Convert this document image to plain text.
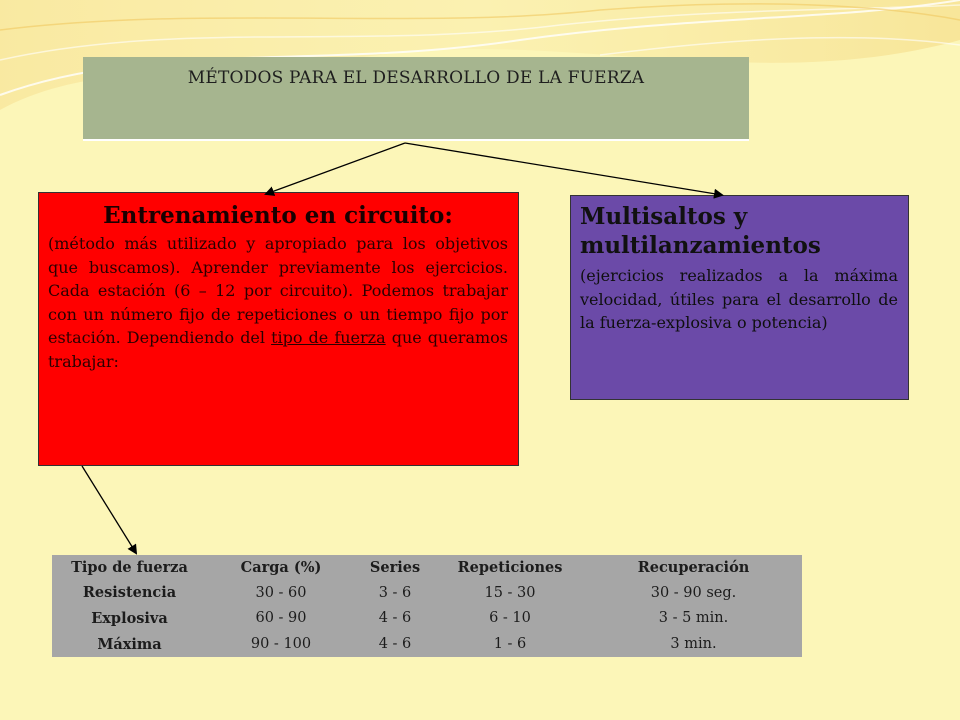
MÉTODOS PARA EL DESARROLLO DE LA FUERZA
Entrenamiento en circuito:
(método más utilizado y apropiado para los objetivos que buscamos). Aprender previamente los ejercicios. Cada estación (6 – 12 por circuito). Podemos trabajar con un número fijo de repeticiones o un tiempo fijo por estación. Dependiendo del tipo de fuerza que queramos trabajar:
Multisaltos y multilanzamientos
(ejercicios realizados a la máxima velocidad, útiles para el desarrollo de la fuerza-explosiva o potencia)
Tipo de fuerza	Carga (%)	Series	Repeticiones	Recuperación
Resistencia	30 - 60	3 - 6	15 - 30	30 - 90 seg.
Explosiva	60 - 90	4 - 6	6 - 10	3 - 5 min.
Máxima	90 - 100	4 - 6	1 - 6	3 min.
